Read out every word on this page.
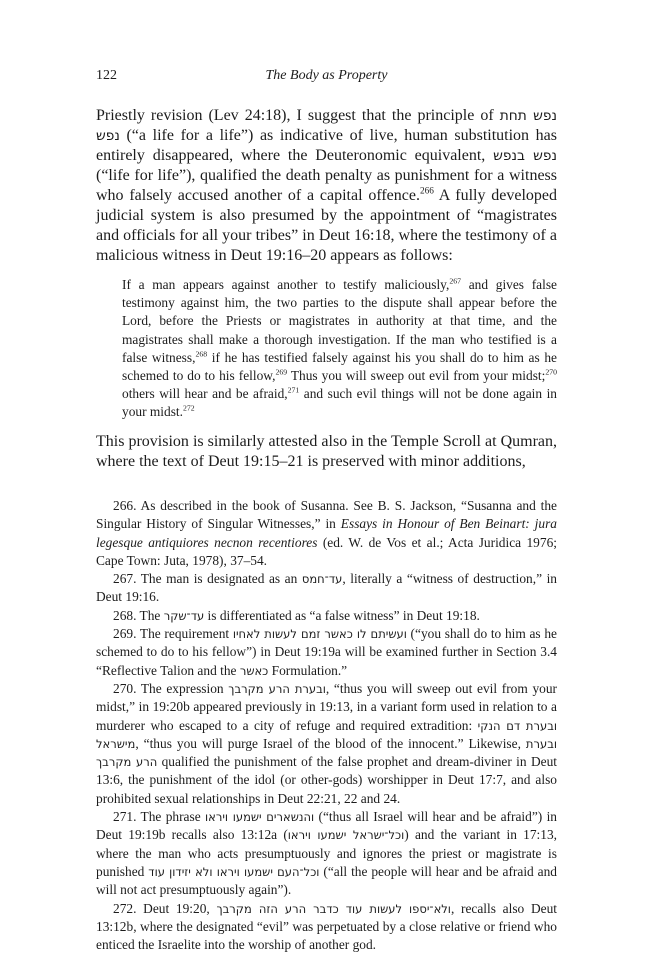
122	The Body as Property

Priestly revision (Lev 24:18), I suggest that the principle of נפש תחת נפש (“a life for a life”) as indicative of live, human substitution has entirely disappeared, where the Deuteronomic equivalent, נפש בנפש (“life for life”), qualified the death penalty as punishment for a witness who falsely accused another of a capital offence.$^{266}$ A fully developed judicial system is also presumed by the appointment of “magistrates and officials for all your tribes” in Deut 16:18, where the testimony of a malicious witness in Deut 19:16–20 appears as follows:

If a man appears against another to testify maliciously,$^{267}$ and gives false testimony against him, the two parties to the dispute shall appear before the Lord, before the Priests or magistrates in authority at that time, and the magistrates shall make a thorough investigation. If the man who testified is a false witness,$^{268}$ if he has testified falsely against his you shall do to him as he schemed to do to his fellow,$^{269}$ Thus you will sweep out evil from your midst;$^{270}$ others will hear and be afraid,$^{271}$ and such evil things will not be done again in your midst.$^{272}$

This provision is similarly attested also in the Temple Scroll at Qumran, where the text of Deut 19:15–21 is preserved with minor additions,

266. As described in the book of Susanna. See B. S. Jackson, “Susanna and the Singular History of Singular Witnesses,” in Essays in Honour of Ben Beinart: jura legesque antiquiores necnon recentiores (ed. W. de Vos et al.; Acta Juridica 1976; Cape Town: Juta, 1978), 37–54.

267. The man is designated as an עד־חמס, literally a “witness of destruction,” in Deut 19:16.

268. The עד־שקר is differentiated as “a false witness” in Deut 19:18.

269. The requirement ועשיתם לו כאשר זמם לעשות לאחיו (“you shall do to him as he schemed to do to his fellow”) in Deut 19:19a will be examined further in Section 3.4 “Reflective Talion and the כאשר Formulation.”

270. The expression ובערת הרע מקרבך, “thus you will sweep out evil from your midst,” in 19:20b appeared previously in 19:13, in a variant form used in relation to a murderer who escaped to a city of refuge and required extradition: ובערת דם הנקי מישראל, “thus you will purge Israel of the blood of the innocent.” Likewise, ובערת הרע מקרבך qualified the punishment of the false prophet and dream-diviner in Deut 13:6, the punishment of the idol (or other-gods) worshipper in Deut 17:7, and also prohibited sexual relationships in Deut 22:21, 22 and 24.

271. The phrase והנשארים ישמעו ויראו (“thus all Israel will hear and be afraid”) in Deut 19:19b recalls also 13:12a (וכל־ישראל ישמעו ויראו) and the variant in 17:13, where the man who acts presumptuously and ignores the priest or magistrate is punished וכל־העם ישמעו ויראו ולא יזידון עוד (“all the people will hear and be afraid and will not act presumptuously again”).

272. Deut 19:20, ולא־יספו לעשות עוד כדבר הרע הזה מקרבך, recalls also Deut 13:12b, where the designated “evil” was perpetuated by a close relative or friend who enticed the Israelite into the worship of another god.
